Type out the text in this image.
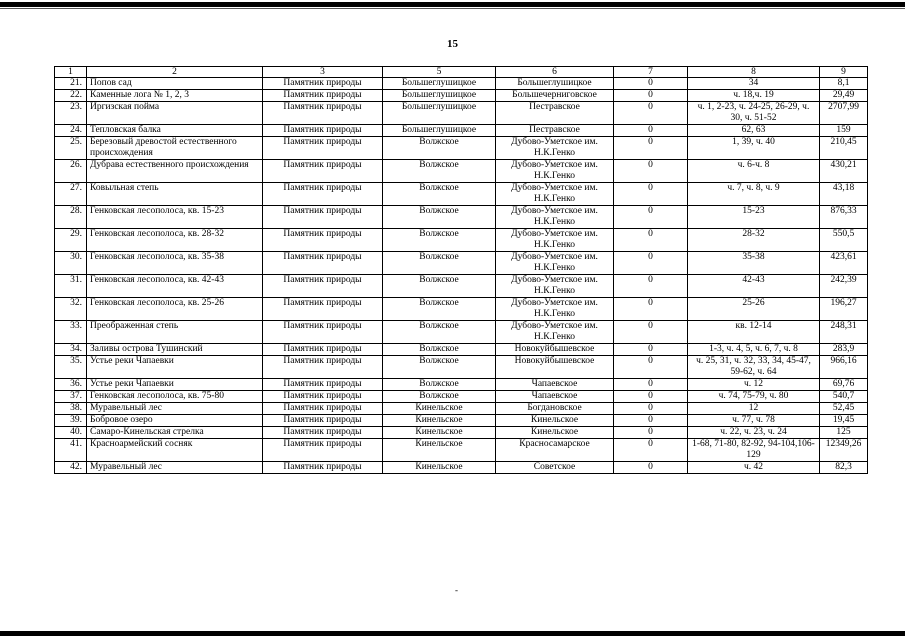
15
1	2	3	5	6	7	8	9
21.	Попов сад	Памятник природы	Большеглушицкое	Большеглушицкое	0	34	8,1
22.	Каменные лога № 1, 2, 3	Памятник природы	Большеглушицкое	Большечерниговское	0	ч. 18,ч. 19	29,49
23.	Иргизская пойма	Памятник природы	Большеглушицкое	Пестравское	0	ч. 1, 2-23, ч. 24-25, 26-29, ч. 30, ч. 51-52	2707,99
24.	Тепловская балка	Памятник природы	Большеглушицкое	Пестравское	0	62, 63	159
25.	Березовый древостой естественного происхождения	Памятник природы	Волжское	Дубово-Уметское им. Н.К.Генко	0	1, 39, ч. 40	210,45
26.	Дубрава естественного происхождения	Памятник природы	Волжское	Дубово-Уметское им. Н.К.Генко	0	ч. 6-ч. 8	430,21
27.	Ковыльная степь	Памятник природы	Волжское	Дубово-Уметское им. Н.К.Генко	0	ч. 7, ч. 8, ч. 9	43,18
28.	Генковская лесополоса, кв. 15-23	Памятник природы	Волжское	Дубово-Уметское им. Н.К.Генко	0	15-23	876,33
29.	Генковская лесополоса, кв. 28-32	Памятник природы	Волжское	Дубово-Уметское им. Н.К.Генко	0	28-32	550,5
30.	Генковская лесополоса, кв. 35-38	Памятник природы	Волжское	Дубово-Уметское им. Н.К.Генко	0	35-38	423,61
31.	Генковская лесополоса, кв. 42-43	Памятник природы	Волжское	Дубово-Уметское им. Н.К.Генко	0	42-43	242,39
32.	Генковская лесополоса, кв. 25-26	Памятник природы	Волжское	Дубово-Уметское им. Н.К.Генко	0	25-26	196,27
33.	Преображенная степь	Памятник природы	Волжское	Дубово-Уметское им. Н.К.Генко	0	кв. 12-14	248,31
34.	Заливы острова Тушинский	Памятник природы	Волжское	Новокуйбышевское	0	1-3, ч. 4, 5, ч. 6, 7, ч. 8	283,9
35.	Устье реки Чапаевки	Памятник природы	Волжское	Новокуйбышевское	0	ч. 25, 31, ч. 32, 33, 34, 45-47, 59-62, ч. 64	966,16
36.	Устье реки Чапаевки	Памятник природы	Волжское	Чапаевское	0	ч. 12	69,76
37.	Генковская лесополоса, кв. 75-80	Памятник природы	Волжское	Чапаевское	0	ч. 74, 75-79, ч. 80	540,7
38.	Муравельный лес	Памятник природы	Кинельское	Богдановское	0	12	52,45
39.	Бобровое озеро	Памятник природы	Кинельское	Кинельское	0	ч. 77, ч. 78	19,45
40.	Самаро-Кинельская стрелка	Памятник природы	Кинельское	Кинельское	0	ч. 22, ч. 23, ч. 24	125
41.	Красноармейский сосняк	Памятник природы	Кинельское	Красносамарское	0	1-68, 71-80, 82-92, 94-104,106-129	12349,26
42.	Муравельный лес	Памятник природы	Кинельское	Советское	0	ч. 42	82,3
-
